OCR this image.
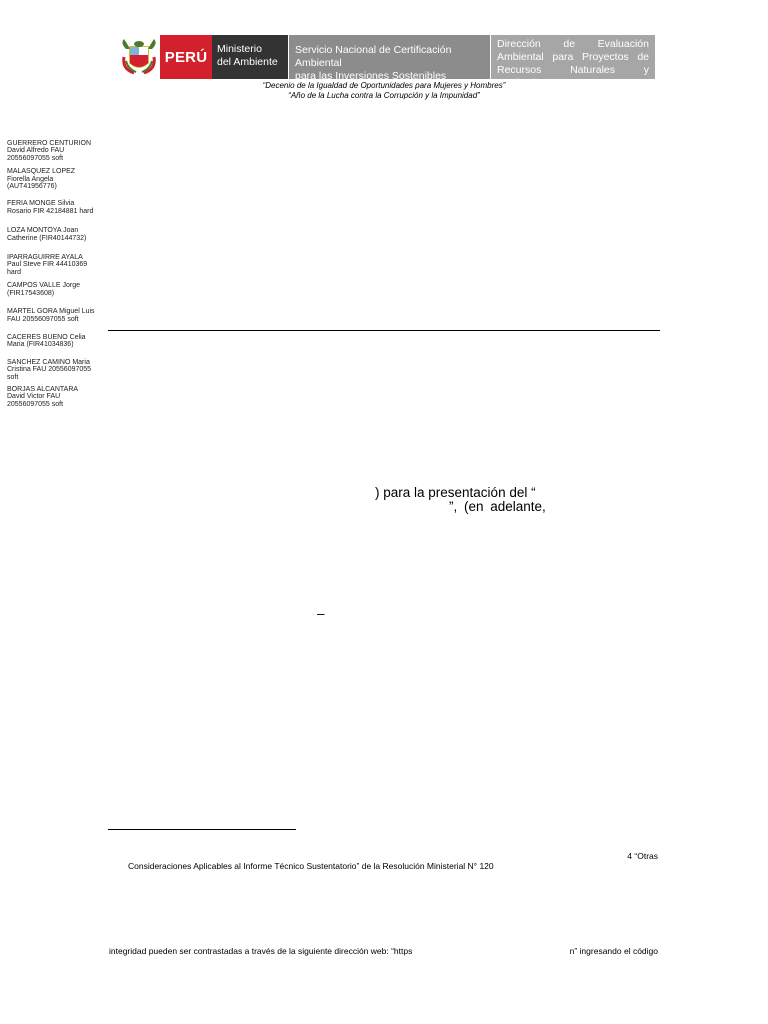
PERÚ Ministerio
del Ambiente
Servicio Nacional de Certificación Ambiental
para las Inversiones Sostenibles
Dirección de Evaluación Ambiental para Proyectos de Recursos Naturales y Productivos
“Decenio de la Igualdad de Oportunidades para Mujeres y Hombres”
“Año de la Lucha contra la Corrupción y la Impunidad”
GUERRERO CENTURION
David Alfredo FAU
20556097055 soft
MALASQUEZ LOPEZ
Fiorella Angela
(AUT41956776)
FERIA MONGE Silvia
Rosario FIR 42184881 hard
LOZA MONTOYA Joan
Catherine (FIR40144732)
IPARRAGUIRRE AYALA
Paul Steve FIR 44410369
hard
CAMPOS VALLE Jorge
(FIR17543608)
MARTEL GORA Miguel Luis
FAU 20556097055 soft
CACERES BUENO Celia
Maria (FIR41034836)
SANCHEZ CAMINO Maria
Cristina FAU 20556097055
soft
BORJAS ALCANTARA
David Victor FAU
20556097055 soft
) para la presentación del “
”, (en adelante,
–
4 “Otras
Consideraciones Aplicables al Informe Técnico Sustentatorio” de la Resolución Ministerial N° 120
integridad pueden ser contrastadas a través de la siguiente dirección web: “https	n” ingresando el código
